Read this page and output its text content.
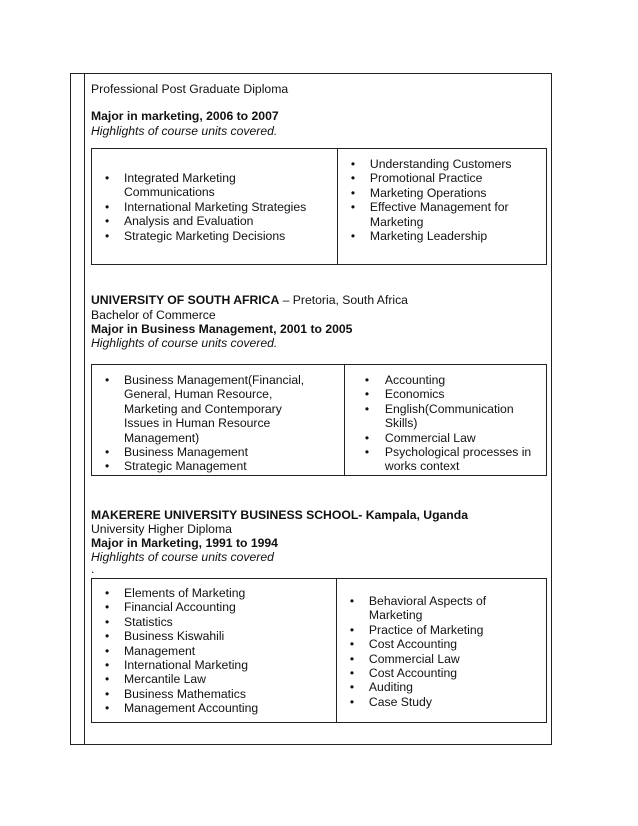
Professional Post Graduate Diploma
Major in marketing, 2006 to 2007
Highlights of course units covered.
• Integrated Marketing Communications
• International Marketing Strategies
• Analysis and Evaluation
• Strategic Marketing Decisions
• Understanding Customers
• Promotional Practice
• Marketing Operations
• Effective Management for Marketing
• Marketing Leadership
UNIVERSITY OF SOUTH AFRICA – Pretoria, South Africa
Bachelor of Commerce
Major in Business Management, 2001 to 2005
Highlights of course units covered.
• Business Management(Financial, General, Human Resource, Marketing and Contemporary Issues in Human Resource Management)
• Business Management
• Strategic Management
• Accounting
• Economics
• English(Communication Skills)
• Commercial Law
• Psychological processes in works context
MAKERERE UNIVERSITY BUSINESS SCHOOL- Kampala, Uganda
University Higher Diploma
Major in Marketing, 1991 to 1994
Highlights of course units covered
.
• Elements of Marketing
• Financial Accounting
• Statistics
• Business Kiswahili
• Management
• International Marketing
• Mercantile Law
• Business Mathematics
• Management Accounting
• Behavioral Aspects of Marketing
• Practice of Marketing
• Cost Accounting
• Commercial Law
• Cost Accounting
• Auditing
• Case Study
